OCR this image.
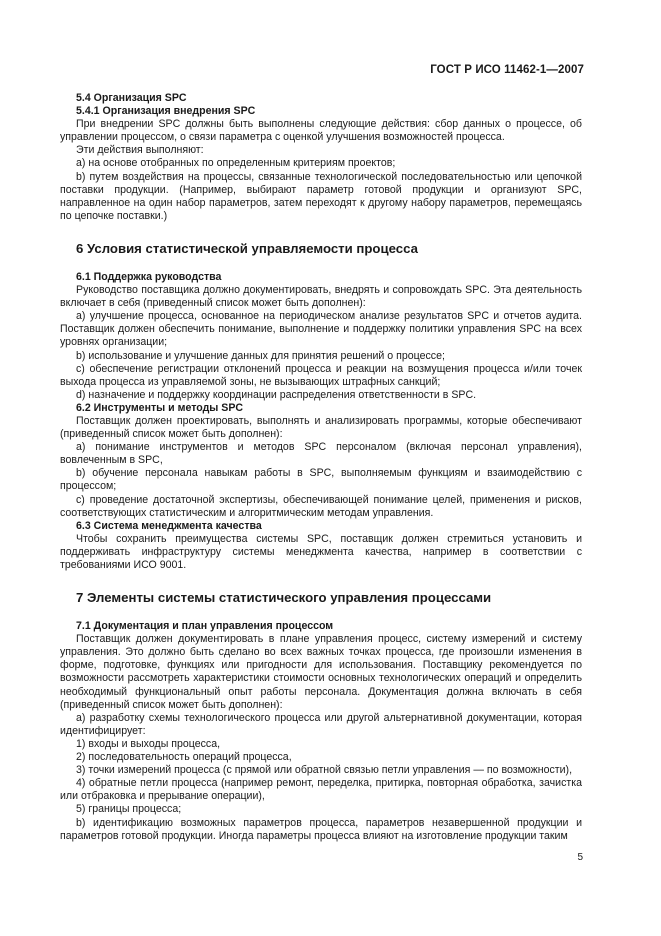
ГОСТ Р ИСО 11462-1—2007

5.4 Организация SPC

5.4.1 Организация внедрения SPC

При внедрении SPC должны быть выполнены следующие действия: сбор данных о процессе, об управлении процессом, о связи параметра с оценкой улучшения возможностей процесса.

Эти действия выполняют:

a) на основе отобранных по определенным критериям проектов;

b) путем воздействия на процессы, связанные технологической последовательностью или цепочкой поставки продукции. (Например, выбирают параметр готовой продукции и организуют SPC, направленное на один набор параметров, затем переходят к другому набору параметров, перемещаясь по цепочке поставки.)

6 Условия статистической управляемости процесса

6.1 Поддержка руководства

Руководство поставщика должно документировать, внедрять и сопровождать SPC. Эта деятельность включает в себя (приведенный список может быть дополнен):

a) улучшение процесса, основанное на периодическом анализе результатов SPC и отчетов аудита. Поставщик должен обеспечить понимание, выполнение и поддержку политики управления SPC на всех уровнях организации;

b) использование и улучшение данных для принятия решений о процессе;

c) обеспечение регистрации отклонений процесса и реакции на возмущения процесса и/или точек выхода процесса из управляемой зоны, не вызывающих штрафных санкций;

d) назначение и поддержку координации распределения ответственности в SPC.

6.2 Инструменты и методы SPC

Поставщик должен проектировать, выполнять и анализировать программы, которые обеспечивают (приведенный список может быть дополнен):

a) понимание инструментов и методов SPC персоналом (включая персонал управления), вовлеченным в SPC,

b) обучение персонала навыкам работы в SPC, выполняемым функциям и взаимодействию с процессом;

c) проведение достаточной экспертизы, обеспечивающей понимание целей, применения и рисков, соответствующих статистическим и алгоритмическим методам управления.

6.3 Система менеджмента качества

Чтобы сохранить преимущества системы SPC, поставщик должен стремиться установить и поддерживать инфраструктуру системы менеджмента качества, например в соответствии с требованиями ИСО 9001.

7 Элементы системы статистического управления процессами

7.1 Документация и план управления процессом

Поставщик должен документировать в плане управления процесс, систему измерений и систему управления. Это должно быть сделано во всех важных точках процесса, где произошли изменения в форме, подготовке, функциях или пригодности для использования. Поставщику рекомендуется по возможности рассмотреть характеристики стоимости основных технологических операций и определить необходимый функциональный опыт работы персонала. Документация должна включать в себя (приведенный список может быть дополнен):

a) разработку схемы технологического процесса или другой альтернативной документации, которая идентифицирует:

1) входы и выходы процесса,

2) последовательность операций процесса,

3) точки измерений процесса (с прямой или обратной связью петли управления — по возможности),

4) обратные петли процесса (например ремонт, переделка, притирка, повторная обработка, зачистка или отбраковка и прерывание операции),

5) границы процесса;

b) идентификацию возможных параметров процесса, параметров незавершенной продукции и параметров готовой продукции. Иногда параметры процесса влияют на изготовление продукции таким

5
